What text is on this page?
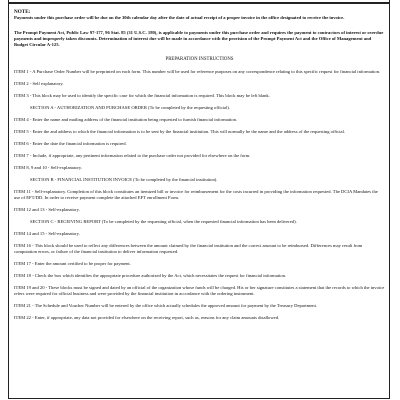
NOTE:

Payments under this purchase order will be due on the 30th calendar day after the date of actual receipt of a proper invoice in the office designated to receive the invoice.

The Prompt Payment Act, Public Law 97-177, 96 Stat. 85 (31 U.S.C. 180), is applicable to payments under this purchase order and requires the payment to contractors of interest or overdue payments and improperly taken discounts. Determination of interest due will be made in accordance with the provision of the Prompt Payment Act and the Office of Management and Budget Circular A-125.

PREPARATION INSTRUCTIONS

ITEM 1 - A Purchase Order Number will be preprinted on each form. This number will be used for reference purposes on any correspondence relating to this specific request for financial information.

ITEM 2 - Self explanatory.

ITEM 3 - This block may be used to identify the specific case for which the financial information is required. This block may be left blank.

SECTION A - AUTHORIZATION AND PURCHASE ORDER (To be completed by the requesting official).

ITEM 4 - Enter the name and mailing address of the financial institution being requested to furnish financial information.

ITEM 5 - Enter the and address to which the financial information is to be sent by the financial institution. This will normally be the name and the address of the requesting official.

ITEM 6 - Enter the date the financial information is required.

ITEM 7 - Include, if appropriate, any pertinent information related to the purchase order not provided for elsewhere on the form.

ITEM 8, 9 and 10 - Self-explanatory.

SECTION B - FINANCIAL INSTITUTION INVOICE (To be completed by the financial institution).

ITEM 11 - Self-explanatory. Completion of this block constitutes an itemized bill or invoice for reimbursement for the costs incurred in providing the information requested. The DCIA Mandates the use of EFT/DD. In order to receive payment complete the attached EFT enrollment Form.

ITEM 12 and 13 - Self-explanatory.

SECTION C - RECEIVING REPORT (To be completed by the requesting official, when the requested financial information has been delivered).

ITEM 14 and 15 - Self-explanatory.

ITEM 16 - This block should be used to reflect any differences between the amount claimed by the financial institution and the correct amount to be reimbursed. Differences may result from computation errors, or failure of the financial institution to deliver information requested.

ITEM 17 - Enter the amount certified to be proper for payment.

ITEM 18 - Check the box which identifies the appropriate procedure authorized by the Act, which necessitates the request for financial information.

ITEM 19 and 20 - These blocks must be signed and dated by an official of the organization whose funds will be charged. His or her signature constitutes a statement that the records to which the invoice refers were required for official business and were provided by the financial institution in accordance with the ordering instrument.

ITEM 21 - The Schedule and Voucher Number will be entered by the office which actually schedules the approved amount for payment by the Treasury Department.

ITEM 22 - Enter, if appropriate, any data not provided for elsewhere on the receiving report, such as, reasons for any claim amounts disallowed.
